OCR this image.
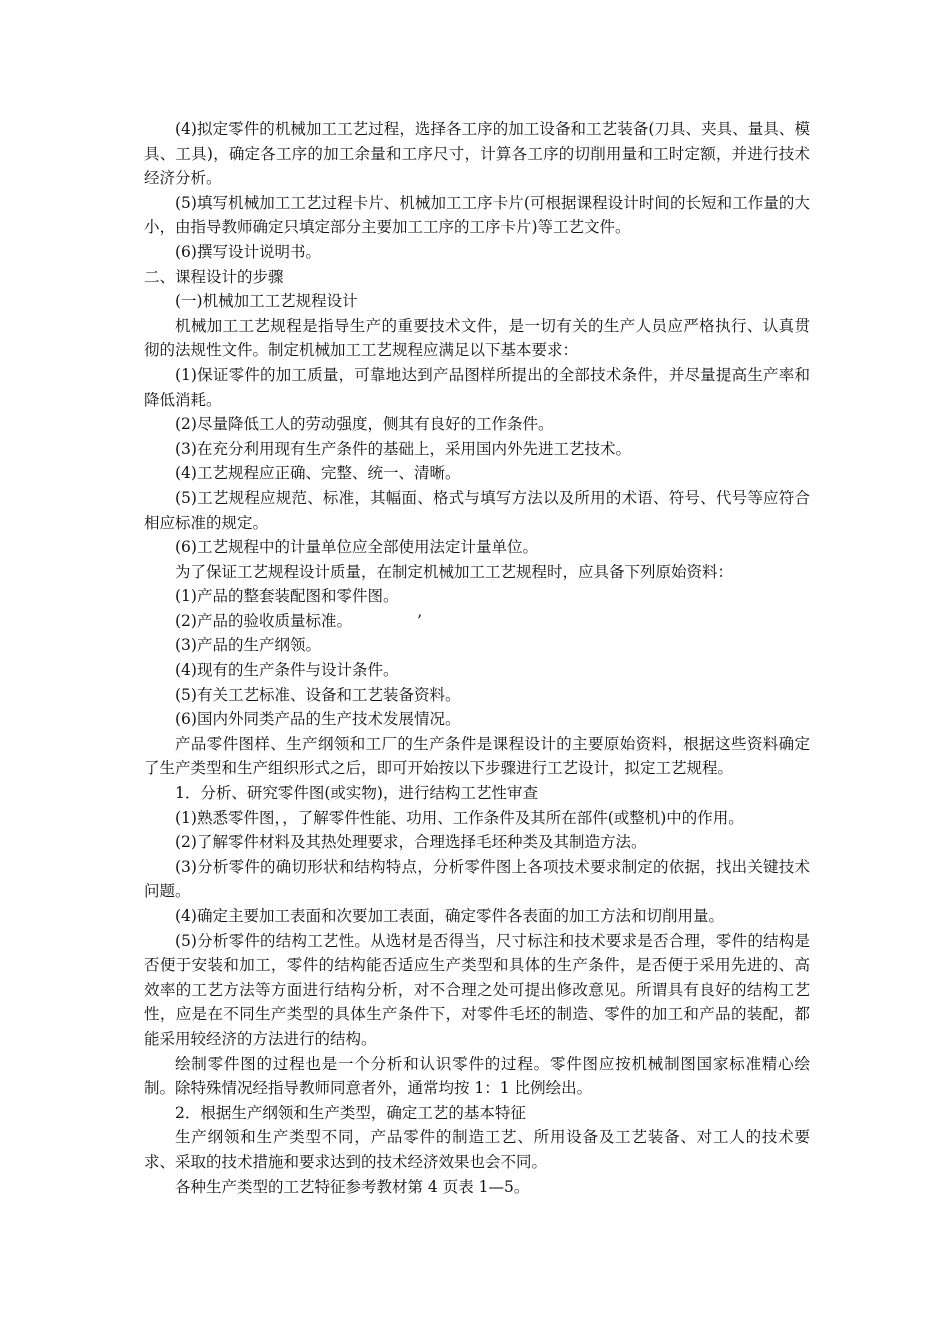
(4)拟定零件的机械加工工艺过程，选择各工序的加工设备和工艺装备(刀具、夹具、量具、模具、工具)，确定各工序的加工余量和工序尺寸，计算各工序的切削用量和工时定额，并进行技术经济分析。

(5)填写机械加工工艺过程卡片、机械加工工序卡片(可根据课程设计时间的长短和工作量的大小，由指导教师确定只填定部分主要加工工序的工序卡片)等工艺文件。

(6)撰写设计说明书。

二、课程设计的步骤

(一)机械加工工艺规程设计

机械加工工艺规程是指导生产的重要技术文件，是一切有关的生产人员应严格执行、认真贯彻的法规性文件。制定机械加工工艺规程应满足以下基本要求：

(1)保证零件的加工质量，可靠地达到产品图样所提出的全部技术条件，并尽量提高生产率和降低消耗。

(2)尽量降低工人的劳动强度，侧其有良好的工作条件。

(3)在充分利用现有生产条件的基础上，采用国内外先进工艺技术。

(4)工艺规程应正确、完整、统一、清晰。

(5)工艺规程应规范、标准，其幅面、格式与填写方法以及所用的术语、符号、代号等应符合相应标准的规定。

(6)工艺规程中的计量单位应全部使用法定计量单位。

为了保证工艺规程设计质量，在制定机械加工工艺规程时，应具备下列原始资料：

(1)产品的整套装配图和零件图。

(2)产品的验收质量标准。	’

(3)产品的生产纲领。

(4)现有的生产条件与设计条件。

(5)有关工艺标准、设备和工艺装备资料。

(6)国内外同类产品的生产技术发展情况。

产品零件图样、生产纲领和工厂的生产条件是课程设计的主要原始资料，根据这些资料确定了生产类型和生产组织形式之后，即可开始按以下步骤进行工艺设计，拟定工艺规程。

1．分析、研究零件图(或实物)，进行结构工艺性审查

(1)熟悉零件图，，了解零件性能、功用、工作条件及其所在部件(或整机)中的作用。

(2)了解零件材料及其热处理要求，合理选择毛坯种类及其制造方法。

(3)分析零件的确切形状和结构特点，分析零件图上各项技术要求制定的依据，找出关键技术问题。

(4)确定主要加工表面和次要加工表面，确定零件各表面的加工方法和切削用量。

(5)分析零件的结构工艺性。从选材是否得当，尺寸标注和技术要求是否合理，零件的结构是否便于安装和加工，零件的结构能否适应生产类型和具体的生产条件，是否便于采用先进的、高效率的工艺方法等方面进行结构分析，对不合理之处可提出修改意见。所谓具有良好的结构工艺性，应是在不同生产类型的具体生产条件下，对零件毛坯的制造、零件的加工和产品的装配，都能采用较经济的方法进行的结构。

绘制零件图的过程也是一个分析和认识零件的过程。零件图应按机械制图国家标准精心绘制。除特殊情况经指导教师同意者外，通常均按 1：1 比例绘出。

2．根据生产纲领和生产类型，确定工艺的基本特征

生产纲领和生产类型不同，产品零件的制造工艺、所用设备及工艺装备、对工人的技术要求、采取的技术措施和要求达到的技术经济效果也会不同。

各种生产类型的工艺特征参考教材第 4 页表 1—5。
